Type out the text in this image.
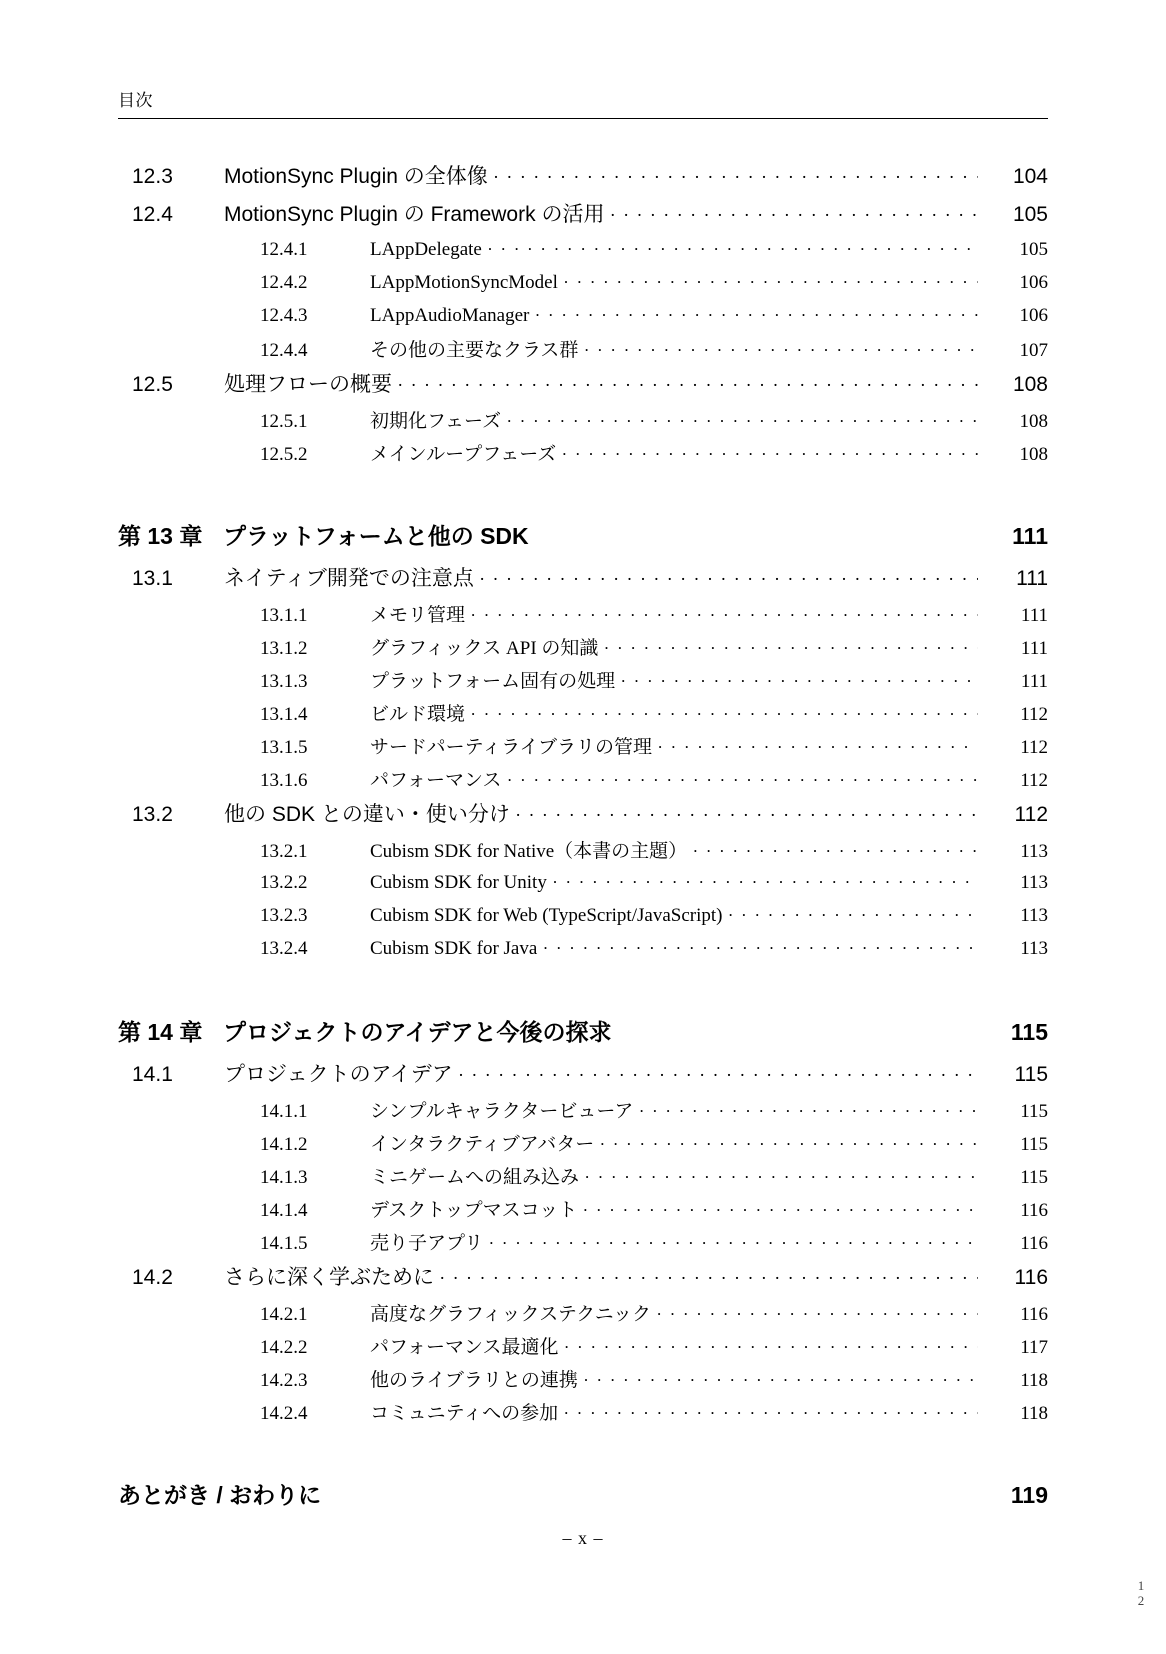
目次
12.3	MotionSync Plugin の全体像 . . .	104
12.4	MotionSync Plugin の Framework の活用 . . .	105
12.4.1	LAppDelegate . . .	105
12.4.2	LAppMotionSyncModel . . .	106
12.4.3	LAppAudioManager . . .	106
12.4.4	その他の主要なクラス群 . . .	107
12.5	処理フローの概要 . . .	108
12.5.1	初期化フェーズ . . .	108
12.5.2	メインループフェーズ . . .	108
第 13 章 プラットフォームと他の SDK	111
13.1	ネイティブ開発での注意点 . . .	111
13.1.1	メモリ管理 . . .	111
13.1.2	グラフィックス API の知識 . . .	111
13.1.3	プラットフォーム固有の処理 . . .	111
13.1.4	ビルド環境 . . .	112
13.1.5	サードパーティライブラリの管理 . . .	112
13.1.6	パフォーマンス . . .	112
13.2	他の SDK との違い・使い分け . . .	112
13.2.1	Cubism SDK for Native（本書の主題） . . .	113
13.2.2	Cubism SDK for Unity . . .	113
13.2.3	Cubism SDK for Web (TypeScript/JavaScript) . . .	113
13.2.4	Cubism SDK for Java . . .	113
第 14 章 プロジェクトのアイデアと今後の探求	115
14.1	プロジェクトのアイデア . . .	115
14.1.1	シンプルキャラクタービューア . . .	115
14.1.2	インタラクティブアバター . . .	115
14.1.3	ミニゲームへの組み込み . . .	115
14.1.4	デスクトップマスコット . . .	116
14.1.5	売り子アプリ . . .	116
14.2	さらに深く学ぶために . . .	116
14.2.1	高度なグラフィックステクニック . . .	116
14.2.2	パフォーマンス最適化 . . .	117
14.2.3	他のライブラリとの連携 . . .	118
14.2.4	コミュニティへの参加 . . .	118
あとがき / おわりに	119
– x –
1
2
